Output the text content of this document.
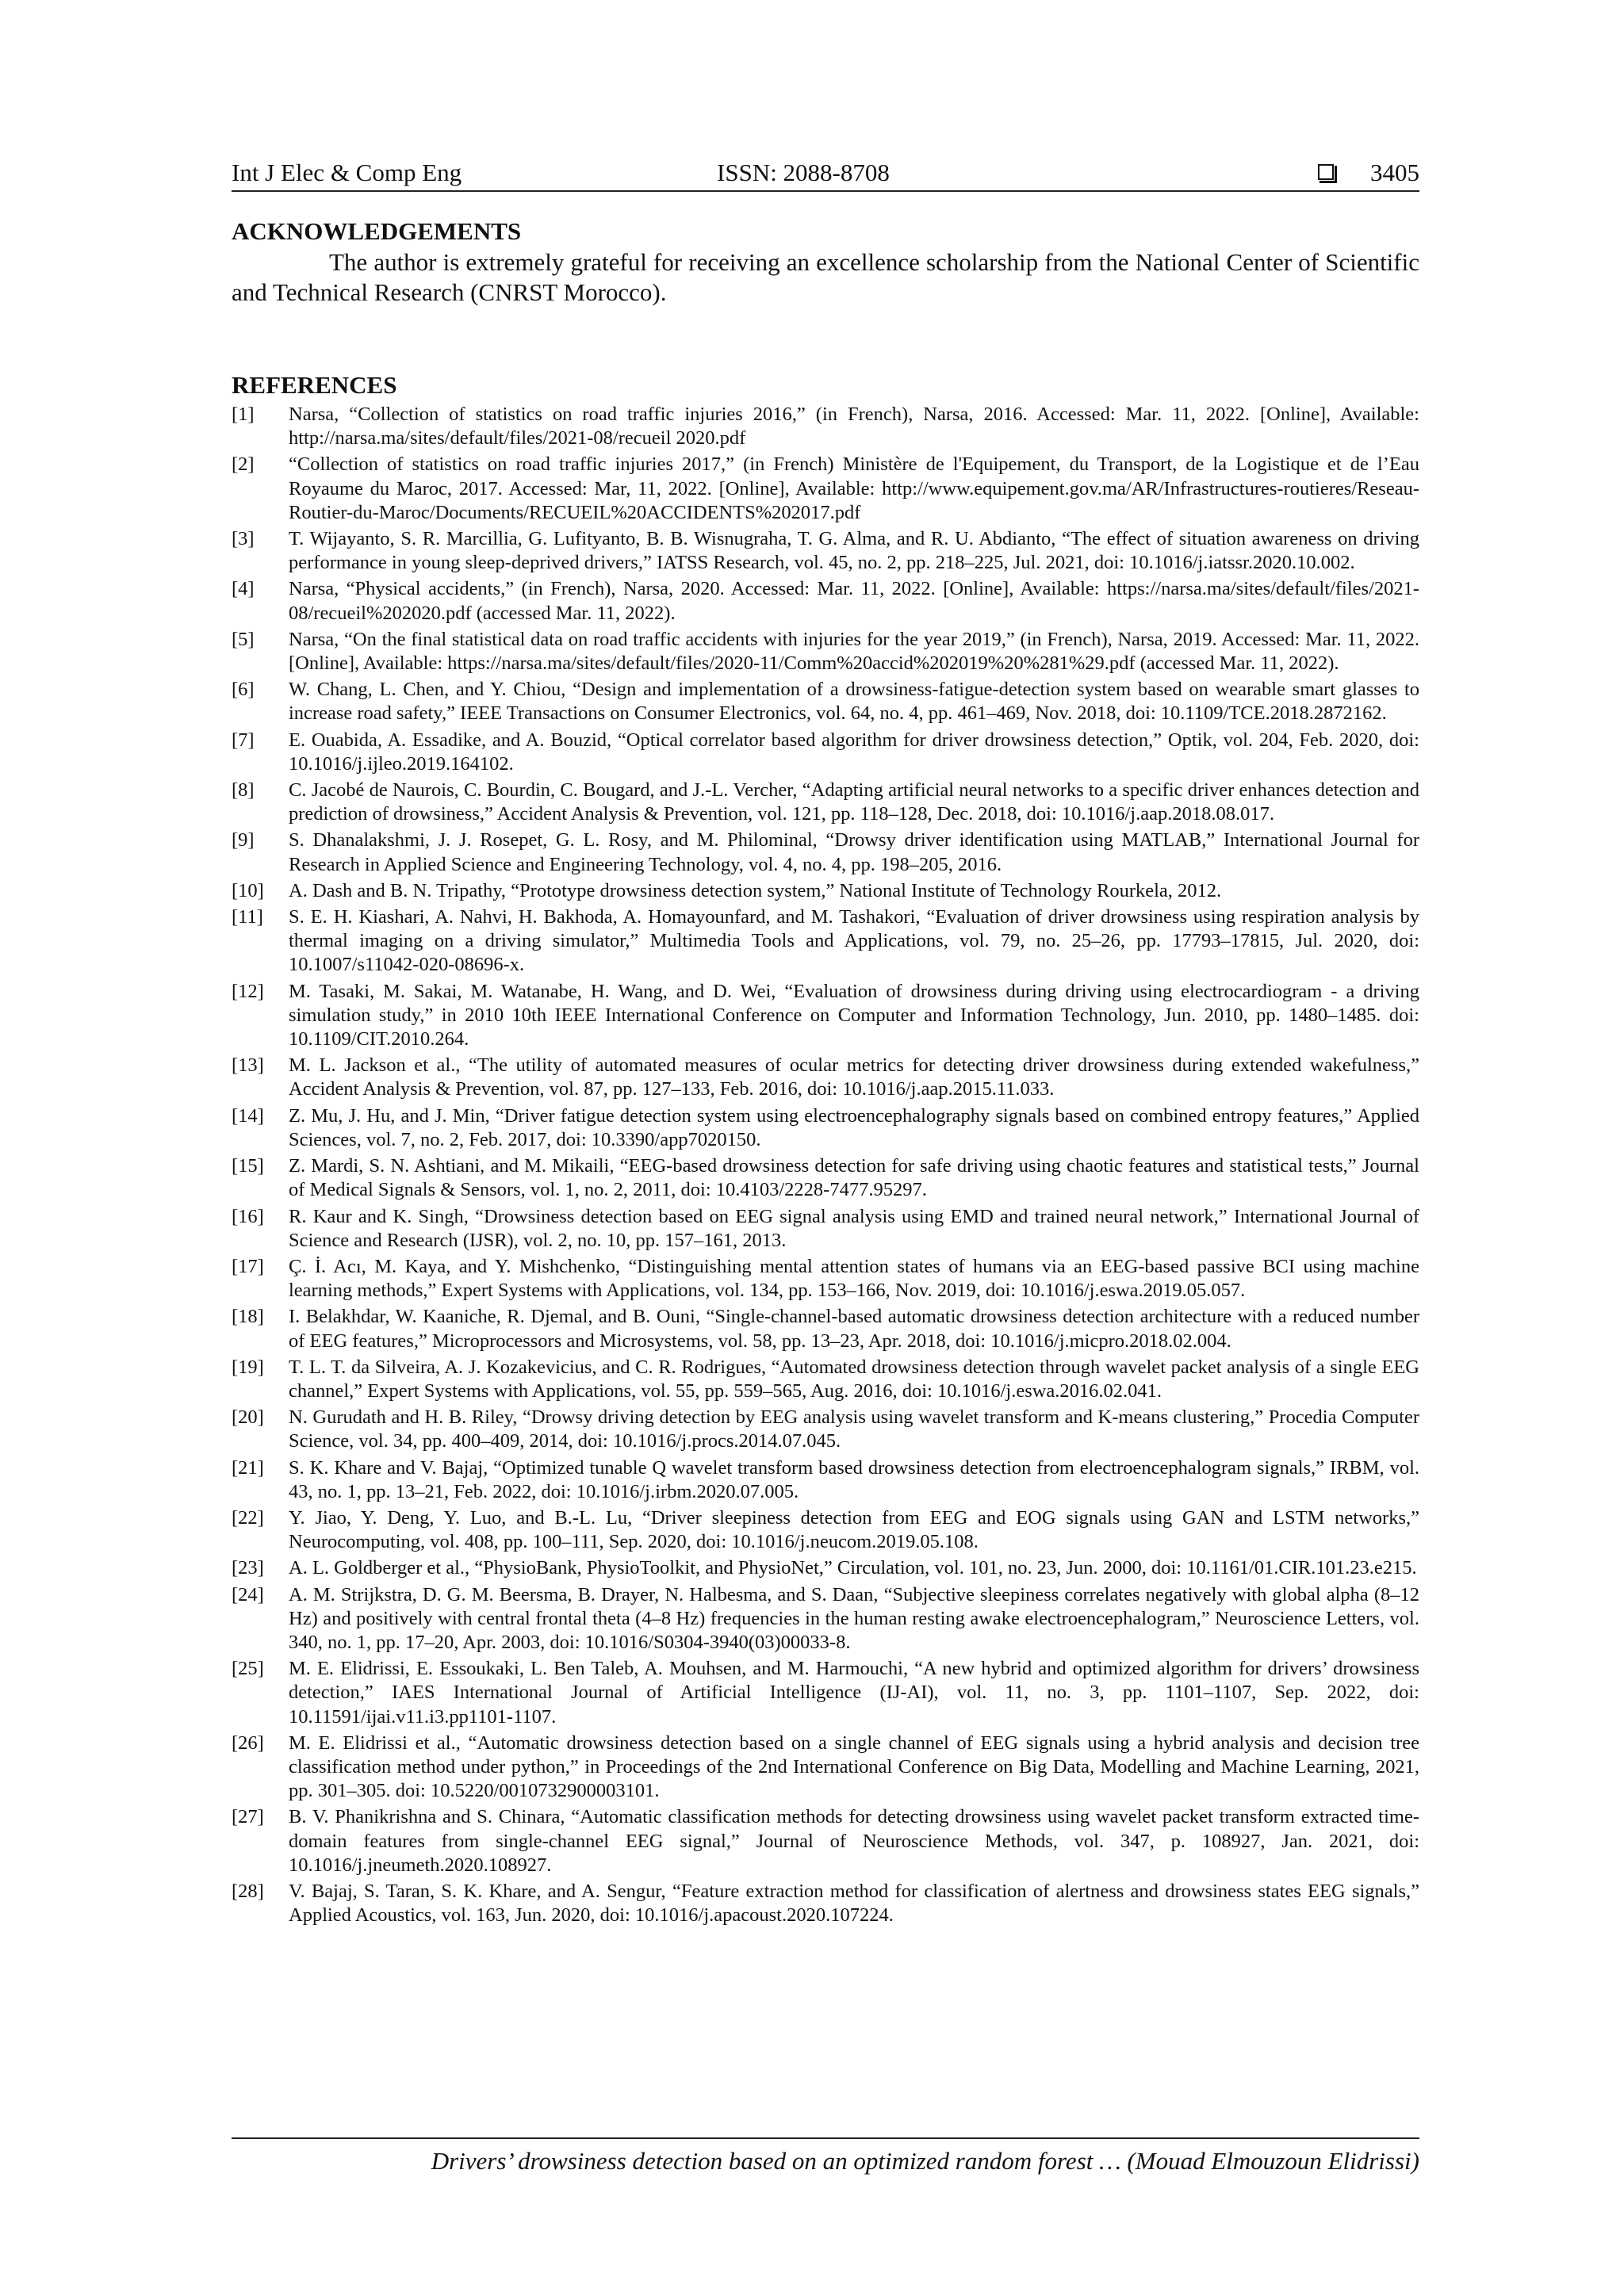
Int J Elec & Comp Eng	ISSN: 2088-8708	3405
ACKNOWLEDGEMENTS

The author is extremely grateful for receiving an excellence scholarship from the National Center of Scientific and Technical Research (CNRST Morocco).

REFERENCES
[1] Narsa, “Collection of statistics on road traffic injuries 2016,” (in French), Narsa, 2016. Accessed: Mar. 11, 2022. [Online], Available: http://narsa.ma/sites/default/files/2021-08/recueil 2020.pdf
[2] “Collection of statistics on road traffic injuries 2017,” (in French) Ministère de l'Equipement, du Transport, de la Logistique et de l’Eau Royaume du Maroc, 2017. Accessed: Mar, 11, 2022. [Online], Available: http://www.equipement.gov.ma/AR/Infrastructures-routieres/Reseau-Routier-du-Maroc/Documents/RECUEIL%20ACCIDENTS%202017.pdf
[3] T. Wijayanto, S. R. Marcillia, G. Lufityanto, B. B. Wisnugraha, T. G. Alma, and R. U. Abdianto, “The effect of situation awareness on driving performance in young sleep-deprived drivers,” IATSS Research, vol. 45, no. 2, pp. 218–225, Jul. 2021, doi: 10.1016/j.iatssr.2020.10.002.
[4] Narsa, “Physical accidents,” (in French), Narsa, 2020. Accessed: Mar. 11, 2022. [Online], Available: https://narsa.ma/sites/default/files/2021-08/recueil%202020.pdf (accessed Mar. 11, 2022).
[5] Narsa, “On the final statistical data on road traffic accidents with injuries for the year 2019,” (in French), Narsa, 2019. Accessed: Mar. 11, 2022. [Online], Available: https://narsa.ma/sites/default/files/2020-11/Comm%20accid%202019%20%281%29.pdf (accessed Mar. 11, 2022).
[6] W. Chang, L. Chen, and Y. Chiou, “Design and implementation of a drowsiness-fatigue-detection system based on wearable smart glasses to increase road safety,” IEEE Transactions on Consumer Electronics, vol. 64, no. 4, pp. 461–469, Nov. 2018, doi: 10.1109/TCE.2018.2872162.
[7] E. Ouabida, A. Essadike, and A. Bouzid, “Optical correlator based algorithm for driver drowsiness detection,” Optik, vol. 204, Feb. 2020, doi: 10.1016/j.ijleo.2019.164102.
[8] C. Jacobé de Naurois, C. Bourdin, C. Bougard, and J.-L. Vercher, “Adapting artificial neural networks to a specific driver enhances detection and prediction of drowsiness,” Accident Analysis & Prevention, vol. 121, pp. 118–128, Dec. 2018, doi: 10.1016/j.aap.2018.08.017.
[9] S. Dhanalakshmi, J. J. Rosepet, G. L. Rosy, and M. Philominal, “Drowsy driver identification using MATLAB,” International Journal for Research in Applied Science and Engineering Technology, vol. 4, no. 4, pp. 198–205, 2016.
[10] A. Dash and B. N. Tripathy, “Prototype drowsiness detection system,” National Institute of Technology Rourkela, 2012.
[11] S. E. H. Kiashari, A. Nahvi, H. Bakhoda, A. Homayounfard, and M. Tashakori, “Evaluation of driver drowsiness using respiration analysis by thermal imaging on a driving simulator,” Multimedia Tools and Applications, vol. 79, no. 25–26, pp. 17793–17815, Jul. 2020, doi: 10.1007/s11042-020-08696-x.
[12] M. Tasaki, M. Sakai, M. Watanabe, H. Wang, and D. Wei, “Evaluation of drowsiness during driving using electrocardiogram - a driving simulation study,” in 2010 10th IEEE International Conference on Computer and Information Technology, Jun. 2010, pp. 1480–1485. doi: 10.1109/CIT.2010.264.
[13] M. L. Jackson et al., “The utility of automated measures of ocular metrics for detecting driver drowsiness during extended wakefulness,” Accident Analysis & Prevention, vol. 87, pp. 127–133, Feb. 2016, doi: 10.1016/j.aap.2015.11.033.
[14] Z. Mu, J. Hu, and J. Min, “Driver fatigue detection system using electroencephalography signals based on combined entropy features,” Applied Sciences, vol. 7, no. 2, Feb. 2017, doi: 10.3390/app7020150.
[15] Z. Mardi, S. N. Ashtiani, and M. Mikaili, “EEG-based drowsiness detection for safe driving using chaotic features and statistical tests,” Journal of Medical Signals & Sensors, vol. 1, no. 2, 2011, doi: 10.4103/2228-7477.95297.
[16] R. Kaur and K. Singh, “Drowsiness detection based on EEG signal analysis using EMD and trained neural network,” International Journal of Science and Research (IJSR), vol. 2, no. 10, pp. 157–161, 2013.
[17] Ç. İ. Acı, M. Kaya, and Y. Mishchenko, “Distinguishing mental attention states of humans via an EEG-based passive BCI using machine learning methods,” Expert Systems with Applications, vol. 134, pp. 153–166, Nov. 2019, doi: 10.1016/j.eswa.2019.05.057.
[18] I. Belakhdar, W. Kaaniche, R. Djemal, and B. Ouni, “Single-channel-based automatic drowsiness detection architecture with a reduced number of EEG features,” Microprocessors and Microsystems, vol. 58, pp. 13–23, Apr. 2018, doi: 10.1016/j.micpro.2018.02.004.
[19] T. L. T. da Silveira, A. J. Kozakevicius, and C. R. Rodrigues, “Automated drowsiness detection through wavelet packet analysis of a single EEG channel,” Expert Systems with Applications, vol. 55, pp. 559–565, Aug. 2016, doi: 10.1016/j.eswa.2016.02.041.
[20] N. Gurudath and H. B. Riley, “Drowsy driving detection by EEG analysis using wavelet transform and K-means clustering,” Procedia Computer Science, vol. 34, pp. 400–409, 2014, doi: 10.1016/j.procs.2014.07.045.
[21] S. K. Khare and V. Bajaj, “Optimized tunable Q wavelet transform based drowsiness detection from electroencephalogram signals,” IRBM, vol. 43, no. 1, pp. 13–21, Feb. 2022, doi: 10.1016/j.irbm.2020.07.005.
[22] Y. Jiao, Y. Deng, Y. Luo, and B.-L. Lu, “Driver sleepiness detection from EEG and EOG signals using GAN and LSTM networks,” Neurocomputing, vol. 408, pp. 100–111, Sep. 2020, doi: 10.1016/j.neucom.2019.05.108.
[23] A. L. Goldberger et al., “PhysioBank, PhysioToolkit, and PhysioNet,” Circulation, vol. 101, no. 23, Jun. 2000, doi: 10.1161/01.CIR.101.23.e215.
[24] A. M. Strijkstra, D. G. M. Beersma, B. Drayer, N. Halbesma, and S. Daan, “Subjective sleepiness correlates negatively with global alpha (8–12 Hz) and positively with central frontal theta (4–8 Hz) frequencies in the human resting awake electroencephalogram,” Neuroscience Letters, vol. 340, no. 1, pp. 17–20, Apr. 2003, doi: 10.1016/S0304-3940(03)00033-8.
[25] M. E. Elidrissi, E. Essoukaki, L. Ben Taleb, A. Mouhsen, and M. Harmouchi, “A new hybrid and optimized algorithm for drivers’ drowsiness detection,” IAES International Journal of Artificial Intelligence (IJ-AI), vol. 11, no. 3, pp. 1101–1107, Sep. 2022, doi: 10.11591/ijai.v11.i3.pp1101-1107.
[26] M. E. Elidrissi et al., “Automatic drowsiness detection based on a single channel of EEG signals using a hybrid analysis and decision tree classification method under python,” in Proceedings of the 2nd International Conference on Big Data, Modelling and Machine Learning, 2021, pp. 301–305. doi: 10.5220/0010732900003101.
[27] B. V. Phanikrishna and S. Chinara, “Automatic classification methods for detecting drowsiness using wavelet packet transform extracted time-domain features from single-channel EEG signal,” Journal of Neuroscience Methods, vol. 347, p. 108927, Jan. 2021, doi: 10.1016/j.jneumeth.2020.108927.
[28] V. Bajaj, S. Taran, S. K. Khare, and A. Sengur, “Feature extraction method for classification of alertness and drowsiness states EEG signals,” Applied Acoustics, vol. 163, Jun. 2020, doi: 10.1016/j.apacoust.2020.107224.
Drivers’ drowsiness detection based on an optimized random forest … (Mouad Elmouzoun Elidrissi)
